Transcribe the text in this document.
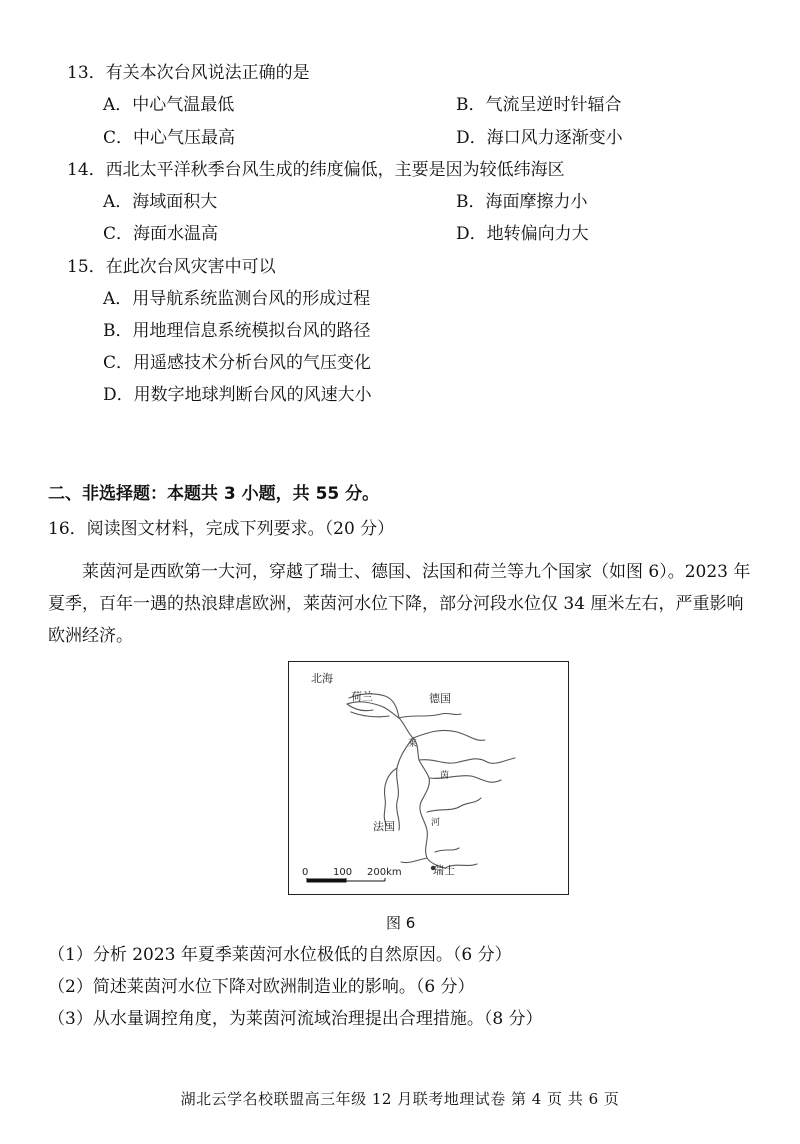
13．有关本次台风说法正确的是
A．中心气温最低	B．气流呈逆时针辐合
C．中心气压最高	D．海口风力逐渐变小
14．西北太平洋秋季台风生成的纬度偏低，主要是因为较低纬海区
A．海域面积大	B．海面摩擦力小
C．海面水温高	D．地转偏向力大
15．在此次台风灾害中可以
A．用导航系统监测台风的形成过程
B．用地理信息系统模拟台风的路径
C．用遥感技术分析台风的气压变化
D．用数字地球判断台风的风速大小
二、非选择题：本题共 3 小题，共 55 分。
16．阅读图文材料，完成下列要求。（20 分）
莱茵河是西欧第一大河，穿越了瑞士、德国、法国和荷兰等九个国家（如图 6）。2023 年夏季，百年一遇的热浪肆虐欧洲，莱茵河水位下降，部分河段水位仅 34 厘米左右，严重影响欧洲经济。
北海
荷兰	德国
莱
茵
河
法国
瑞士
0 100 200km
图 6
（1）分析 2023 年夏季莱茵河水位极低的自然原因。（6 分）
（2）简述莱茵河水位下降对欧洲制造业的影响。（6 分）
（3）从水量调控角度，为莱茵河流域治理提出合理措施。（8 分）
湖北云学名校联盟高三年级 12 月联考地理试卷 第 4 页 共 6 页
